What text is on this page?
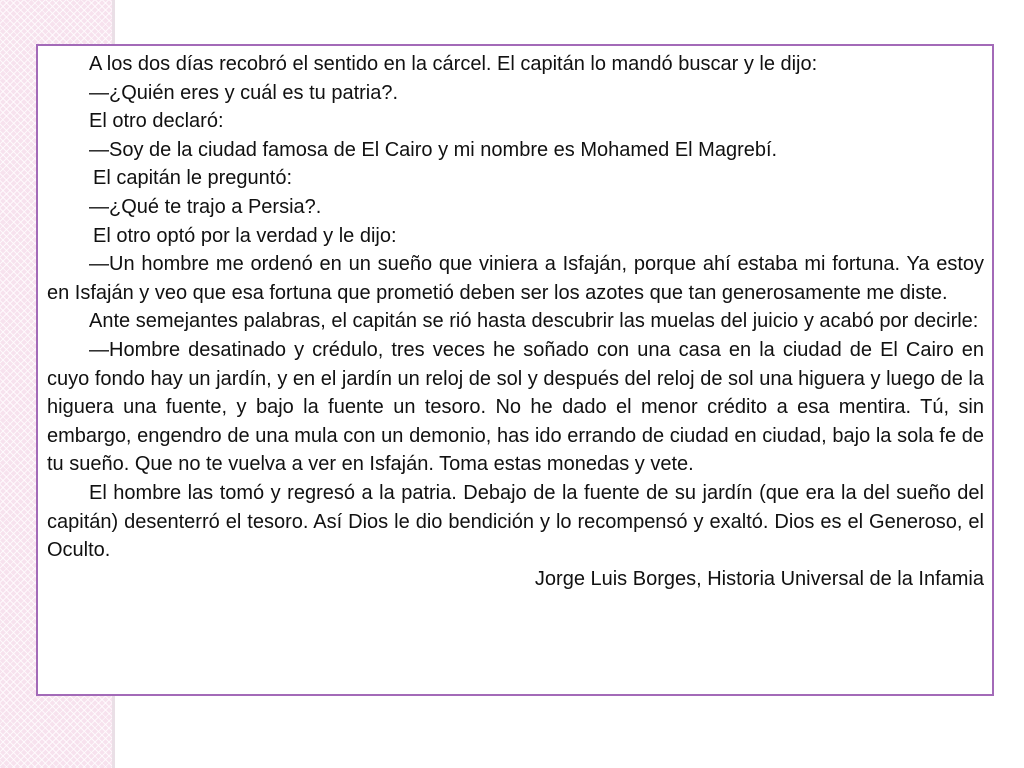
A los dos días recobró el sentido en la cárcel. El capitán lo mandó buscar y le dijo:

—¿Quién eres y cuál es tu patria?.

El otro declaró:

—Soy de la ciudad famosa de El Cairo y mi nombre es Mohamed El Magrebí.

El capitán le preguntó:

—¿Qué te trajo a Persia?.

El otro optó por la verdad y le dijo:

—Un hombre me ordenó en un sueño que viniera a Isfaján, porque ahí estaba mi fortuna. Ya estoy en Isfaján y veo que esa fortuna que prometió deben ser los azotes que tan generosamente me diste.

Ante semejantes palabras, el capitán se rió hasta descubrir las muelas del juicio y acabó por decirle:

—Hombre desatinado y crédulo, tres veces he soñado con una casa en la ciudad de El Cairo en cuyo fondo hay un jardín, y en el jardín un reloj de sol y después del reloj de sol una higuera y luego de la higuera una fuente, y bajo la fuente un tesoro. No he dado el menor crédito a esa mentira. Tú, sin embargo, engendro de una mula con un demonio, has ido errando de ciudad en ciudad, bajo la sola fe de tu sueño. Que no te vuelva a ver en Isfaján. Toma estas monedas y vete.

El hombre las tomó y regresó a la patria. Debajo de la fuente de su jardín (que era la del sueño del capitán) desenterró el tesoro. Así Dios le dio bendición y lo recompensó y exaltó. Dios es el Generoso, el Oculto.

Jorge Luis Borges, Historia Universal de la Infamia
